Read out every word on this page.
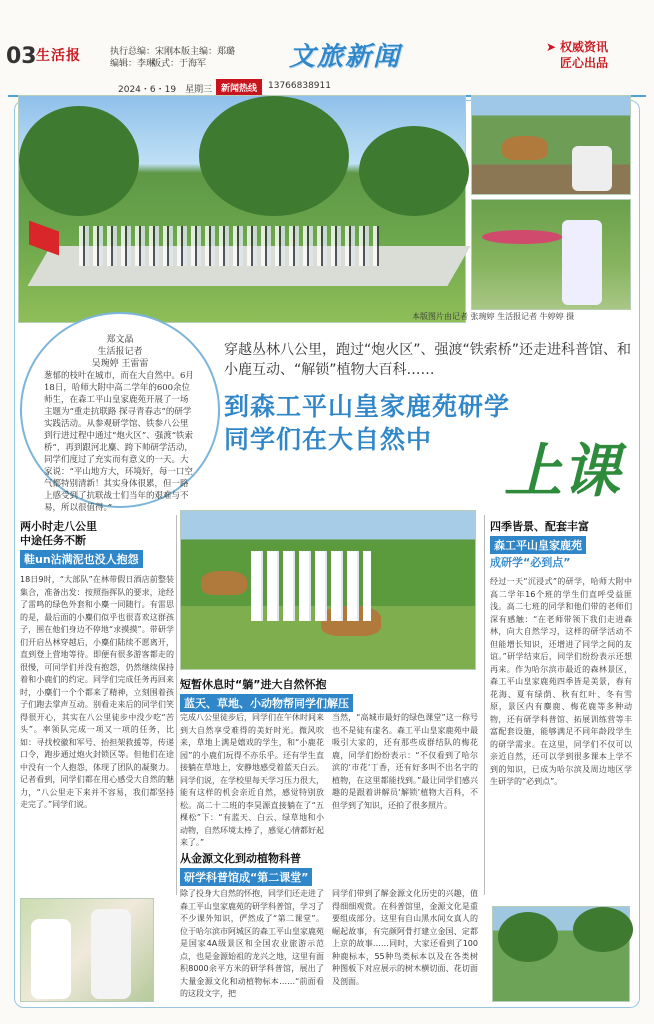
03 生活报	执行总编：宋刚
本版主编：郑璐
编辑：李琳
版式：于海军	文旅新闻	➤ 权威资讯
匠心出品
2024・6・19　星期三 新闻热线	13766838911
本版图片由记者 张琬婷 生活报记者 牛婷婷 摄
郑文晶
生活报记者
吴琬婷 王雷雷
葱郁的枝叶在城市，而在大自然中。6月18日，哈师大附中高二学年的600余位师生，在森工平山皇家鹿苑开展了一场主题为“重走抗联路 探寻青春志”的研学实践活动。从参观研学馆、铁参八公里到行进过程中通过“炮火区”、强渡“铁索桥”，再到跟河北麋、跨下帅研学活动，同学们度过了充实而有意义的一天。大家说：“平山地方大，环境好，每一口空气都特别清新！其实身体很累，但一路上感受到了抗联战士们当年的艰难与不易，所以很值得。”
穿越丛林八公里，跑过“炮火区”、强渡“铁索桥”还走进科普馆、和小鹿互动、“解锁”植物大百科……
到森工平山皇家鹿苑研学
同学们在大自然中	上课
两小时走八公里
中途任务不断
鞋un沾满泥也没人抱怨
18日9时，“大部队”在林带假日酒店前整装集合，准备出发：按照指挥队的要求，途经了雷鸣的绿色外套和小麋一同随行。有雷思的是，最后面的小麋们似乎也很喜欢这群孩子，围在他们身边不停地“求摸摸”。带研学们开启丛林穿越后，小麋们陆续不愿离开，直到登上营地等待。即便有很多游客都走的很慢，可同学们并没有抱怨，仍然继续保持着和小鹿们的约定。同学们完成任务再回来时，小麋们一个个都来了精神，立刻围着孩子们跑去掌声互动。别看走来后的同学们笑得很开心，其实在八公里徒步中没少吃“苦头”。率领队完成一项又一项的任务，比如：寻找校徽和军号、抬担架救援等，传递口令，跑步通过炮火封锁区等。但他们在途中没有一个人抱怨，体现了团队的凝聚力。记者看到，同学们都在用心感受大自然的魅力，“八公里走下来并不容易，我们都坚持走完了。”同学们说。
短暂休息时“躺”进大自然怀抱
蓝天、草地、小动物帮同学们解压
完成八公里徒步后，同学们在午休时间来到大自然享受难得的美好时光。微风吹来，草地上满是嬉戏的学生，和“小鹿花园”的小鹿们玩得不亦乐乎。还有学生直接躺在草地上，安静地感受着蓝天白云。同学们说，在学校里每天学习压力很大，能有这样的机会亲近自然，感觉特别放松。高二十二班的李昊源直接躺在了“五棵松”下：“有蓝天、白云、绿草地和小动物，自然环境太棒了，感觉心情都好起来了。”
当然，“高城市最好的绿色课堂”这一称号也不是徒有虚名。森工平山皇家鹿苑中最吸引大家的，还有那些成群结队的梅花鹿，同学们纷纷表示：“不仅看到了哈尔滨的‘市花’丁香，还有好多叫不出名字的植物，在这里都能找到。”最让同学们感兴趣的是跟着讲解员‘解锁’植物大百科，不但学到了知识，还拍了很多照片。
从金源文化到动植物科普
研学科普馆成“第二课堂”
除了投身大自然的怀抱，同学们还走进了森工平山皇家鹿苑的研学科普馆，学习了不少课外知识，俨然成了“第二课堂”。位于哈尔滨市阿城区的森工平山皇家鹿苑是国家4A级景区和全国农业旅游示范点，也是金源始祖的龙兴之地，这里有面积8000余平方米的研学科普馆，展出了大量金源文化和动植物标本……“前面看的这段文字，把
同学们带到了解金源文化历史的兴趣，值得细细观赏。在科普馆里，金源文化是重要组成部分。这里有自山黑水间女真人的崛起故事，有完颜阿骨打建立金国、定都上京的故事……同时，大家还看到了100种鹿标本，55种鸟类标本以及在各类树种图板下对应展示的树木横切面、花切面及剖面。
四季皆景、配套丰富
森工平山皇家鹿苑
成研学“必到点”
经过一天“沉浸式”的研学，哈师大附中高二学年16个班的学生们直呼受益匪浅。高二七班的同学和他们带的老师们深有感触：“在老师带领下我们走进森林，向大自然学习，这样的研学活动不但能增长知识，还增进了同学之间的友谊。”研学结束后，同学们纷纷表示还想再来。作为哈尔滨市最近的森林景区，森工平山皇家鹿苑四季皆是美景，春有花海、夏有绿荫、秋有红叶、冬有雪原，景区内有麋鹿、梅花鹿等多种动物，还有研学科普馆、拓展训练营等丰富配套设施，能够满足不同年龄段学生的研学需求。在这里，同学们不仅可以亲近自然，还可以学到很多课本上学不到的知识，已成为哈尔滨及周边地区学生研学的“必到点”。
